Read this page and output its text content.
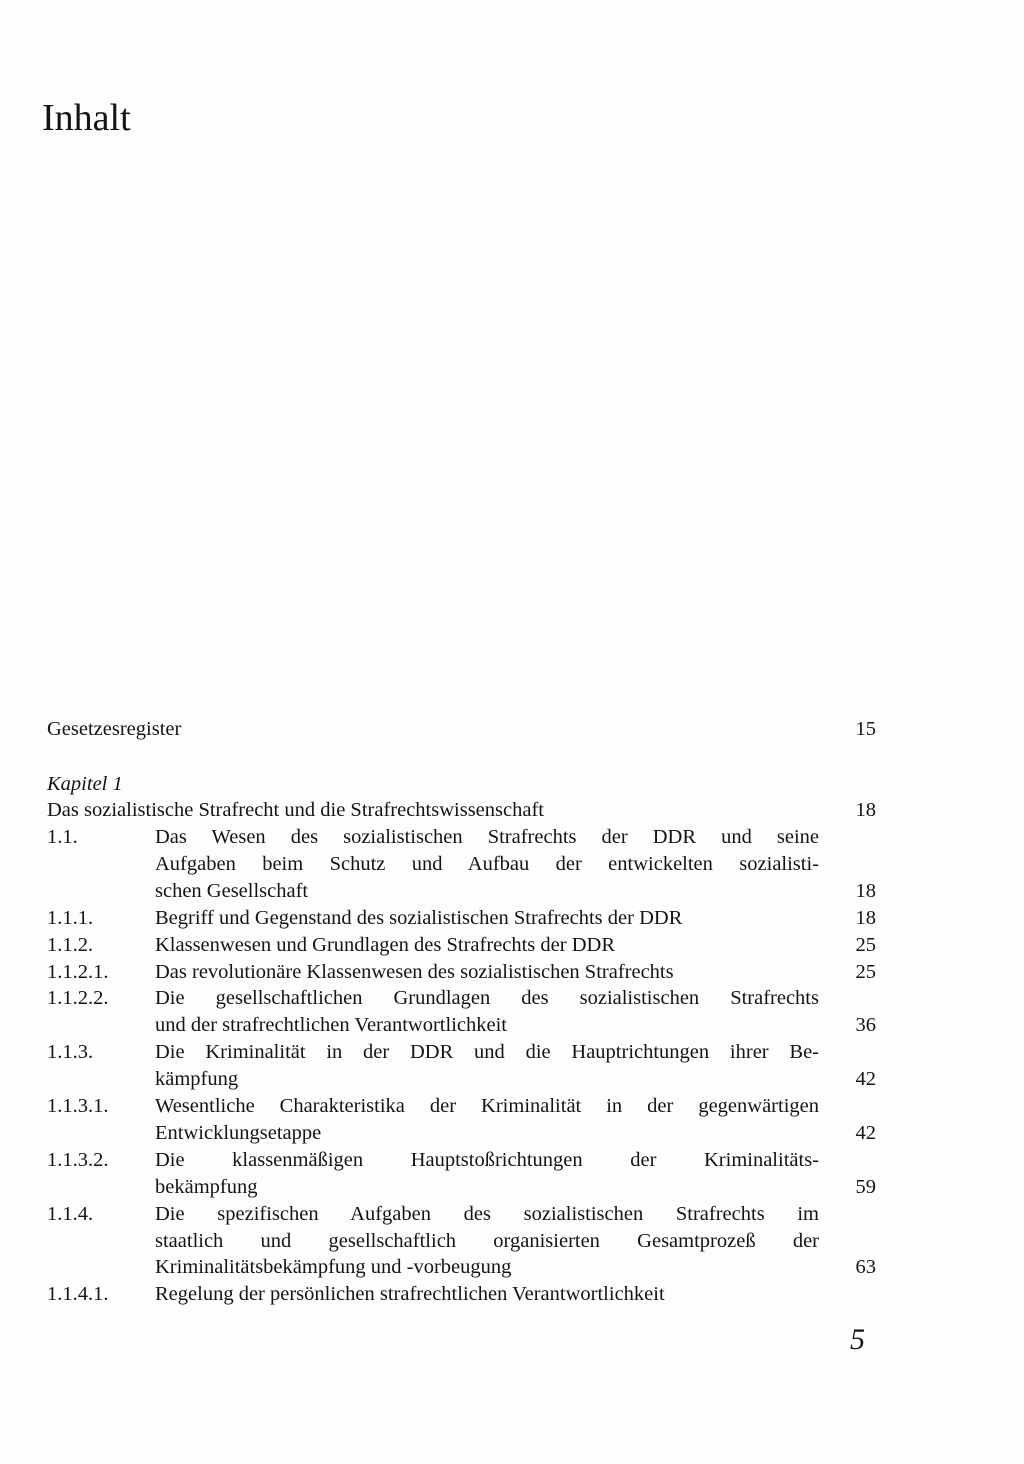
Inhalt
Gesetzesregister	15
Kapitel 1
Das sozialistische Strafrecht und die Strafrechtswissenschaft	18
1.1.	Das Wesen des sozialistischen Strafrechts der DDR und seine
Aufgaben beim Schutz und Aufbau der entwickelten sozialisti-
schen Gesellschaft	18
1.1.1.	Begriff und Gegenstand des sozialistischen Strafrechts der DDR	18
1.1.2.	Klassenwesen und Grundlagen des Strafrechts der DDR	25
1.1.2.1. Das revolutionäre Klassenwesen des sozialistischen Strafrechts	25
1.1.2.2. Die gesellschaftlichen Grundlagen des sozialistischen Strafrechts
und der strafrechtlichen Verantwortlichkeit	36
1.1.3.	Die Kriminalität in der DDR und die Hauptrichtungen ihrer Be-
kämpfung	42
1.1.3.1. Wesentliche Charakteristika der Kriminalität in der gegenwärtigen
Entwicklungsetappe	42
1.1.3.2. Die klassenmäßigen Hauptstoßrichtungen der Kriminalitäts-
bekämpfung	59
1.1.4.	Die spezifischen Aufgaben des sozialistischen Strafrechts im
staatlich und gesellschaftlich organisierten Gesamtprozeß der
Kriminalitätsbekämpfung und -vorbeugung	63
1.1.4.1. Regelung der persönlichen strafrechtlichen Verantwortlichkeit
5
